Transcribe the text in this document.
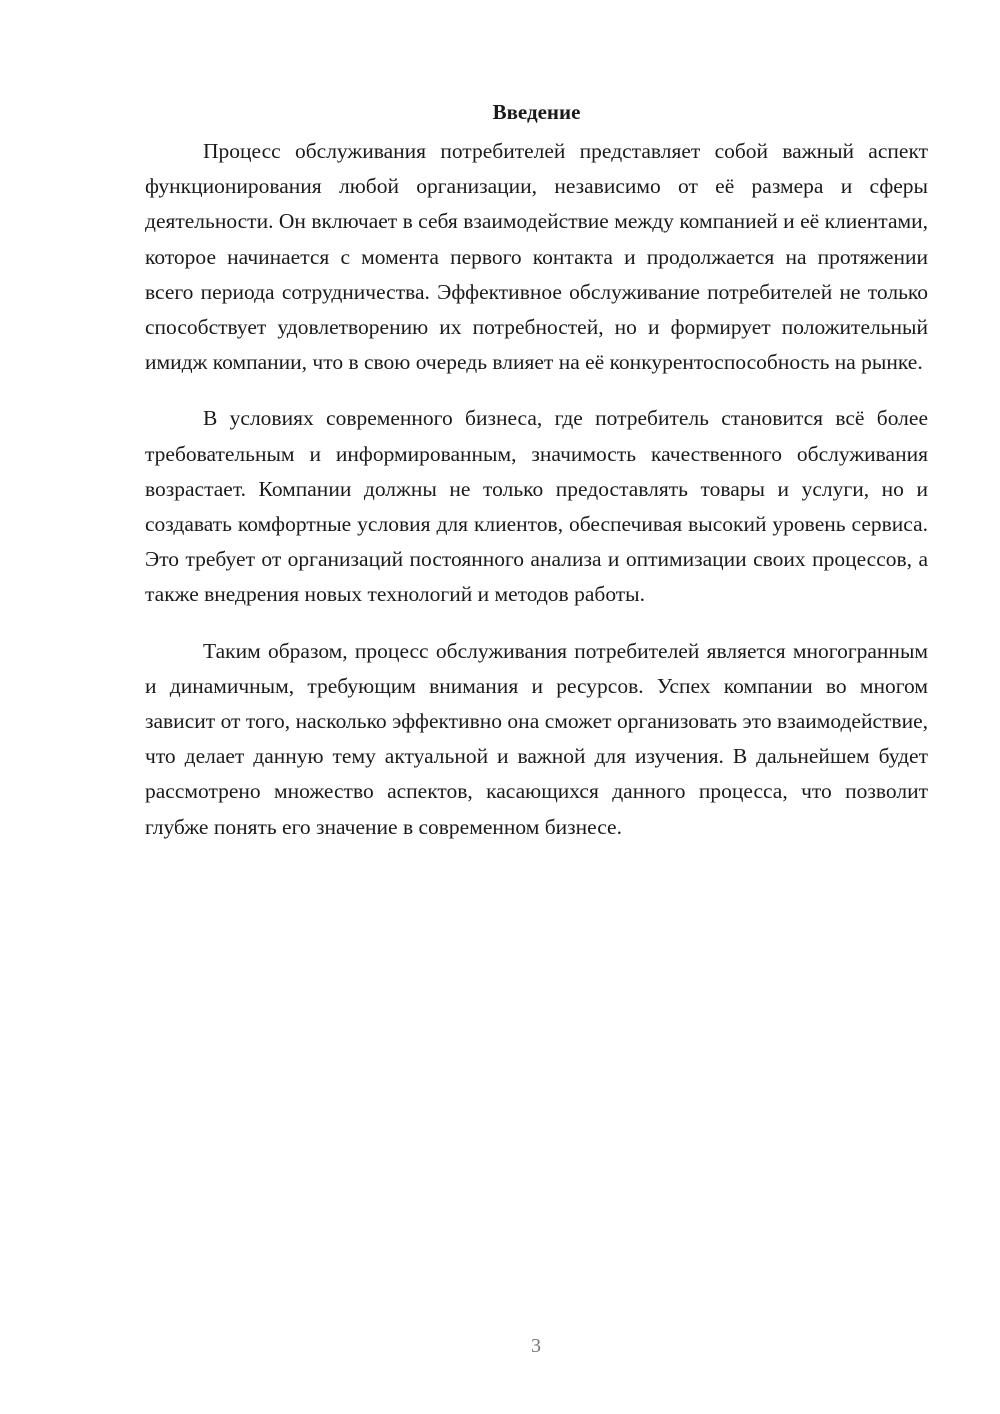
Введение

Процесс обслуживания потребителей представляет собой важный аспект функционирования любой организации, независимо от её размера и сферы деятельности. Он включает в себя взаимодействие между компанией и её клиентами, которое начинается с момента первого контакта и продолжается на протяжении всего периода сотрудничества. Эффективное обслуживание потребителей не только способствует удовлетворению их потребностей, но и формирует положительный имидж компании, что в свою очередь влияет на её конкурентоспособность на рынке.

В условиях современного бизнеса, где потребитель становится всё более требовательным и информированным, значимость качественного обслуживания возрастает. Компании должны не только предоставлять товары и услуги, но и создавать комфортные условия для клиентов, обеспечивая высокий уровень сервиса. Это требует от организаций постоянного анализа и оптимизации своих процессов, а также внедрения новых технологий и методов работы.

Таким образом, процесс обслуживания потребителей является многогранным и динамичным, требующим внимания и ресурсов. Успех компании во многом зависит от того, насколько эффективно она сможет организовать это взаимодействие, что делает данную тему актуальной и важной для изучения. В дальнейшем будет рассмотрено множество аспектов, касающихся данного процесса, что позволит глубже понять его значение в современном бизнесе.

3
